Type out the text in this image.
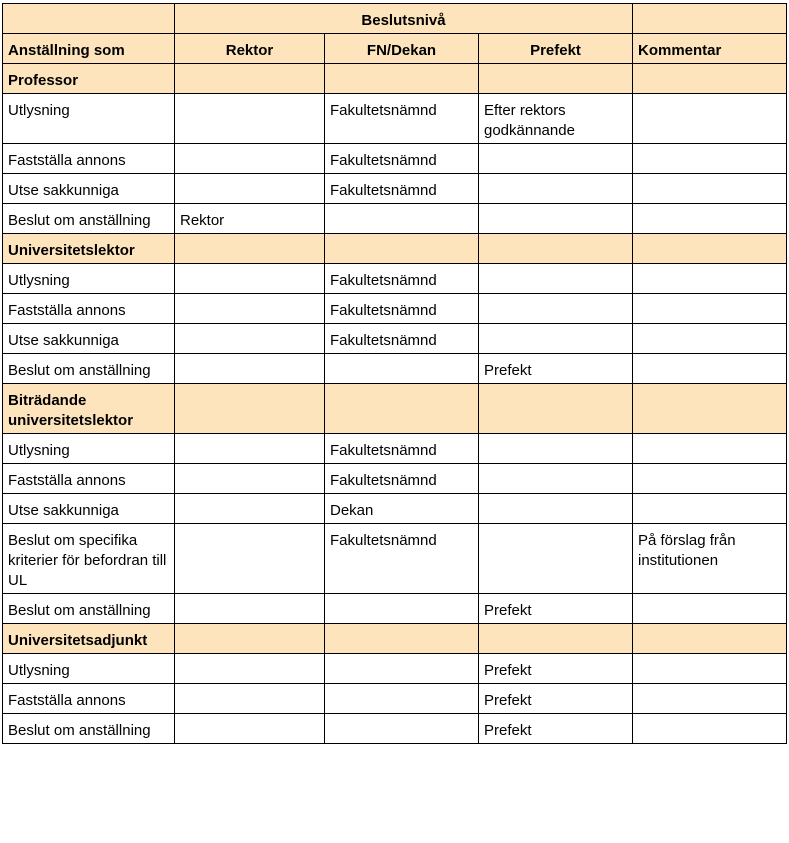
	Beslutsnivå			
Anställning som	Rektor	FN/Dekan	Prefekt	Kommentar
Professor				
Utlysning		Fakultetsnämnd	Efter rektors godkännande	
Fastställa annons		Fakultetsnämnd		
Utse sakkunniga		Fakultetsnämnd		
Beslut om anställning	Rektor			
Universitetslektor				
Utlysning		Fakultetsnämnd		
Fastställa annons		Fakultetsnämnd		
Utse sakkunniga		Fakultetsnämnd		
Beslut om anställning			Prefekt	
Biträdande universitetslektor				
Utlysning		Fakultetsnämnd		
Fastställa annons		Fakultetsnämnd		
Utse sakkunniga		Dekan		
Beslut om specifika kriterier för befordran till UL		Fakultetsnämnd		På förslag från institutionen
Beslut om anställning			Prefekt	
Universitetsadjunkt				
Utlysning			Prefekt	
Fastställa annons			Prefekt	
Beslut om anställning			Prefekt	
